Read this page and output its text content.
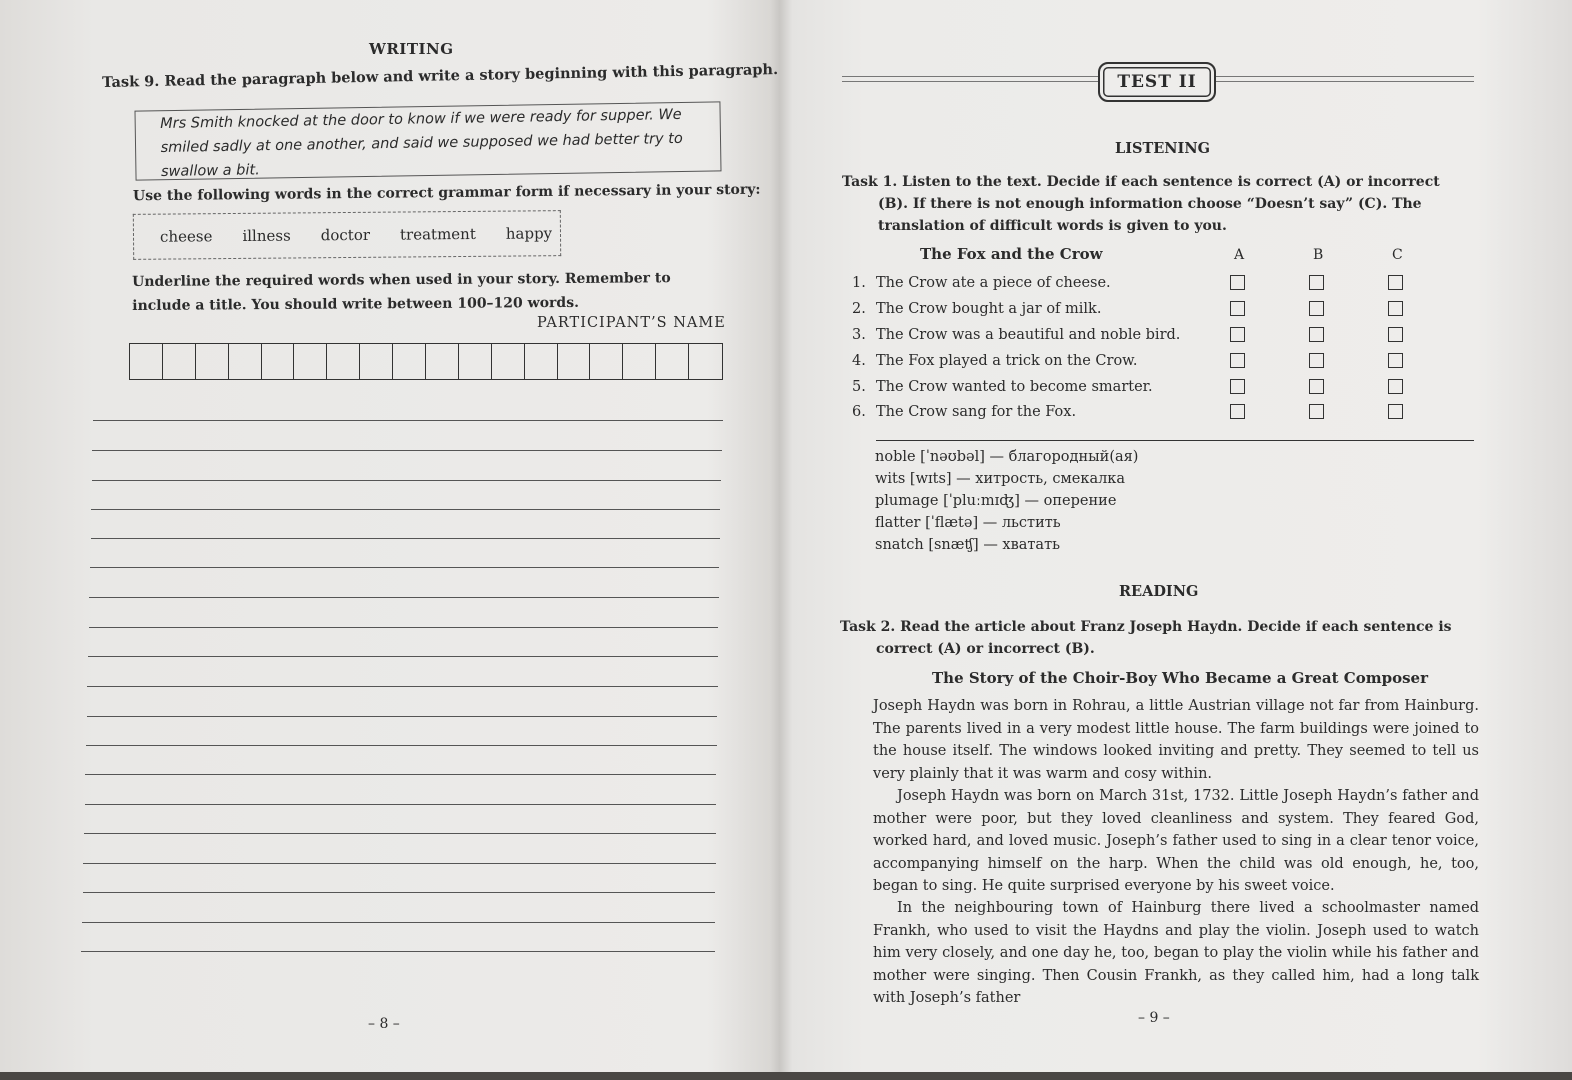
WRITING
Task 9. Read the paragraph below and write a story beginning with this paragraph.
Mrs Smith knocked at the door to know if we were ready for supper. We smiled sadly at one another, and said we supposed we had better try to swallow a bit.
Use the following words in the correct grammar form if necessary in your story:
cheese illness doctor treatment happy
Underline the required words when used in your story. Remember to include a title. You should write between 100–120 words.
PARTICIPANT’S NAME
– 8 –
TEST II
LISTENING
Task 1. Listen to the text. Decide if each sentence is correct (A) or incorrect (B). If there is not enough information choose “Doesn’t say” (C). The translation of difficult words is given to you.
The Fox and the Crow	A	B	C
1. The Crow ate a piece of cheese.
2. The Crow bought a jar of milk.
3. The Crow was a beautiful and noble bird.
4. The Fox played a trick on the Crow.
5. The Crow wanted to become smarter.
6. The Crow sang for the Fox.
noble [ˈnəʊbəl] — благородный(ая)
wits [wɪts] — хитрость, смекалка
plumage [ˈpluːmɪʤ] — оперение
flatter [ˈflætə] — льстить
snatch [snæʧ] — хватать
READING
Task 2. Read the article about Franz Joseph Haydn. Decide if each sentence is correct (A) or incorrect (B).
The Story of the Choir-Boy Who Became a Great Composer
Joseph Haydn was born in Rohrau, a little Austrian village not far from Hainburg. The parents lived in a very modest little house. The farm buildings were joined to the house itself. The windows looked inviting and pretty. They seemed to tell us very plainly that it was warm and cosy within.
Joseph Haydn was born on March 31st, 1732. Little Joseph Haydn’s father and mother were poor, but they loved cleanliness and system. They feared God, worked hard, and loved music. Joseph’s father used to sing in a clear tenor voice, accompanying himself on the harp. When the child was old enough, he, too, began to sing. He quite surprised everyone by his sweet voice.
In the neighbouring town of Hainburg there lived a schoolmaster named Frankh, who used to visit the Haydns and play the violin. Joseph used to watch him very closely, and one day he, too, began to play the violin while his father and mother were singing. Then Cousin Frankh, as they called him, had a long talk with Joseph’s father
– 9 –
